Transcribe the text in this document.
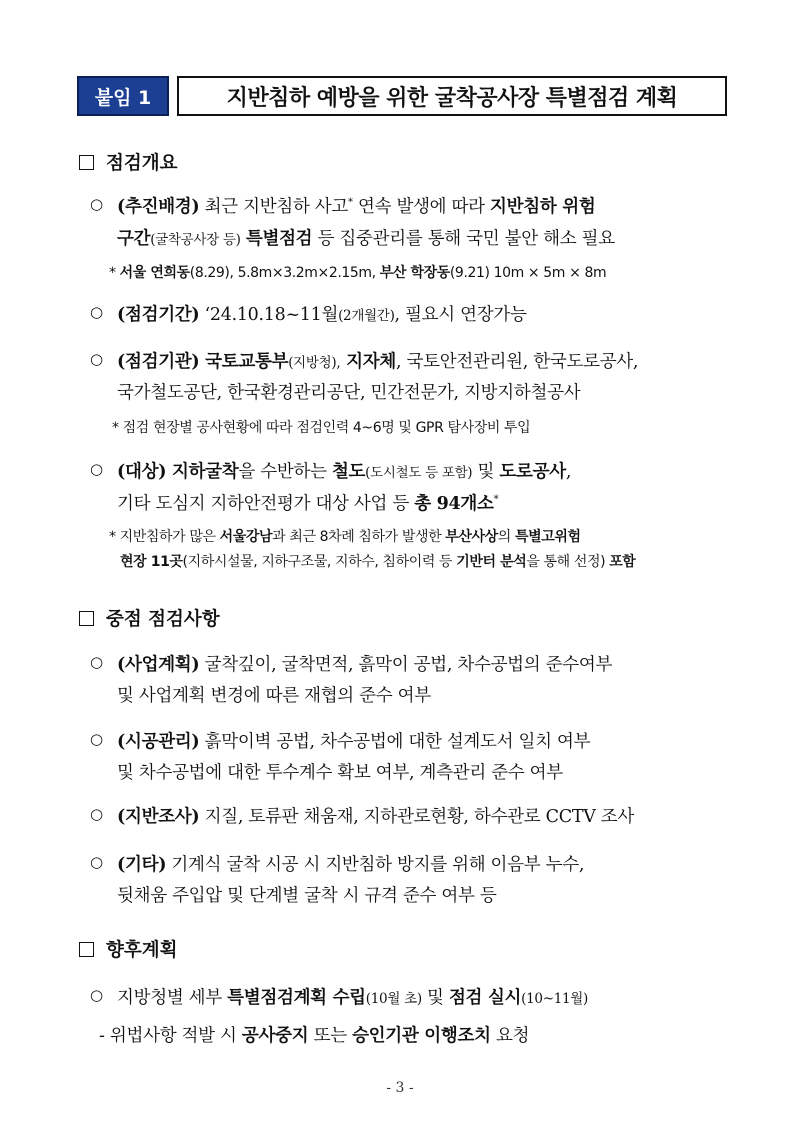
붙임 1	지반침하 예방을 위한 굴착공사장 특별점검 계획
점검개요
○ (추진배경) 최근 지반침하 사고* 연속 발생에 따라 지반침하 위험
구간(굴착공사장 등) 특별점검 등 집중관리를 통해 국민 불안 해소 필요
* 서울 연희동(8.29), 5.8m×3.2m×2.15m, 부산 학장동(9.21) 10m × 5m × 8m
○ (점검기간) ‘24.10.18~11월(2개월간), 필요시 연장가능
○ (점검기관) 국토교통부(지방청), 지자체, 국토안전관리원, 한국도로공사,
국가철도공단, 한국환경관리공단, 민간전문가, 지방지하철공사
* 점검 현장별 공사현황에 따라 점검인력 4~6명 및 GPR 탐사장비 투입
○ (대상) 지하굴착을 수반하는 철도(도시철도 등 포함) 및 도로공사,
기타 도심지 지하안전평가 대상 사업 등 총 94개소*
* 지반침하가 많은 서울강남과 최근 8차례 침하가 발생한 부산사상의 특별고위험
현장 11곳(지하시설물, 지하구조물, 지하수, 침하이력 등 기반터 분석을 통해 선정) 포함
중점 점검사항
○ (사업계획) 굴착깊이, 굴착면적, 흙막이 공법, 차수공법의 준수여부
및 사업계획 변경에 따른 재협의 준수 여부
○ (시공관리) 흙막이벽 공법, 차수공법에 대한 설계도서 일치 여부
및 차수공법에 대한 투수계수 확보 여부, 계측관리 준수 여부
○ (지반조사) 지질, 토류판 채움재, 지하관로현황, 하수관로 CCTV 조사
○ (기타) 기계식 굴착 시공 시 지반침하 방지를 위해 이음부 누수,
뒷채움 주입압 및 단계별 굴착 시 규격 준수 여부 등
향후계획
○ 지방청별 세부 특별점검계획 수립(10월 초) 및 점검 실시(10~11월)
- 위법사항 적발 시 공사중지 또는 승인기관 이행조치 요청
- 3 -
